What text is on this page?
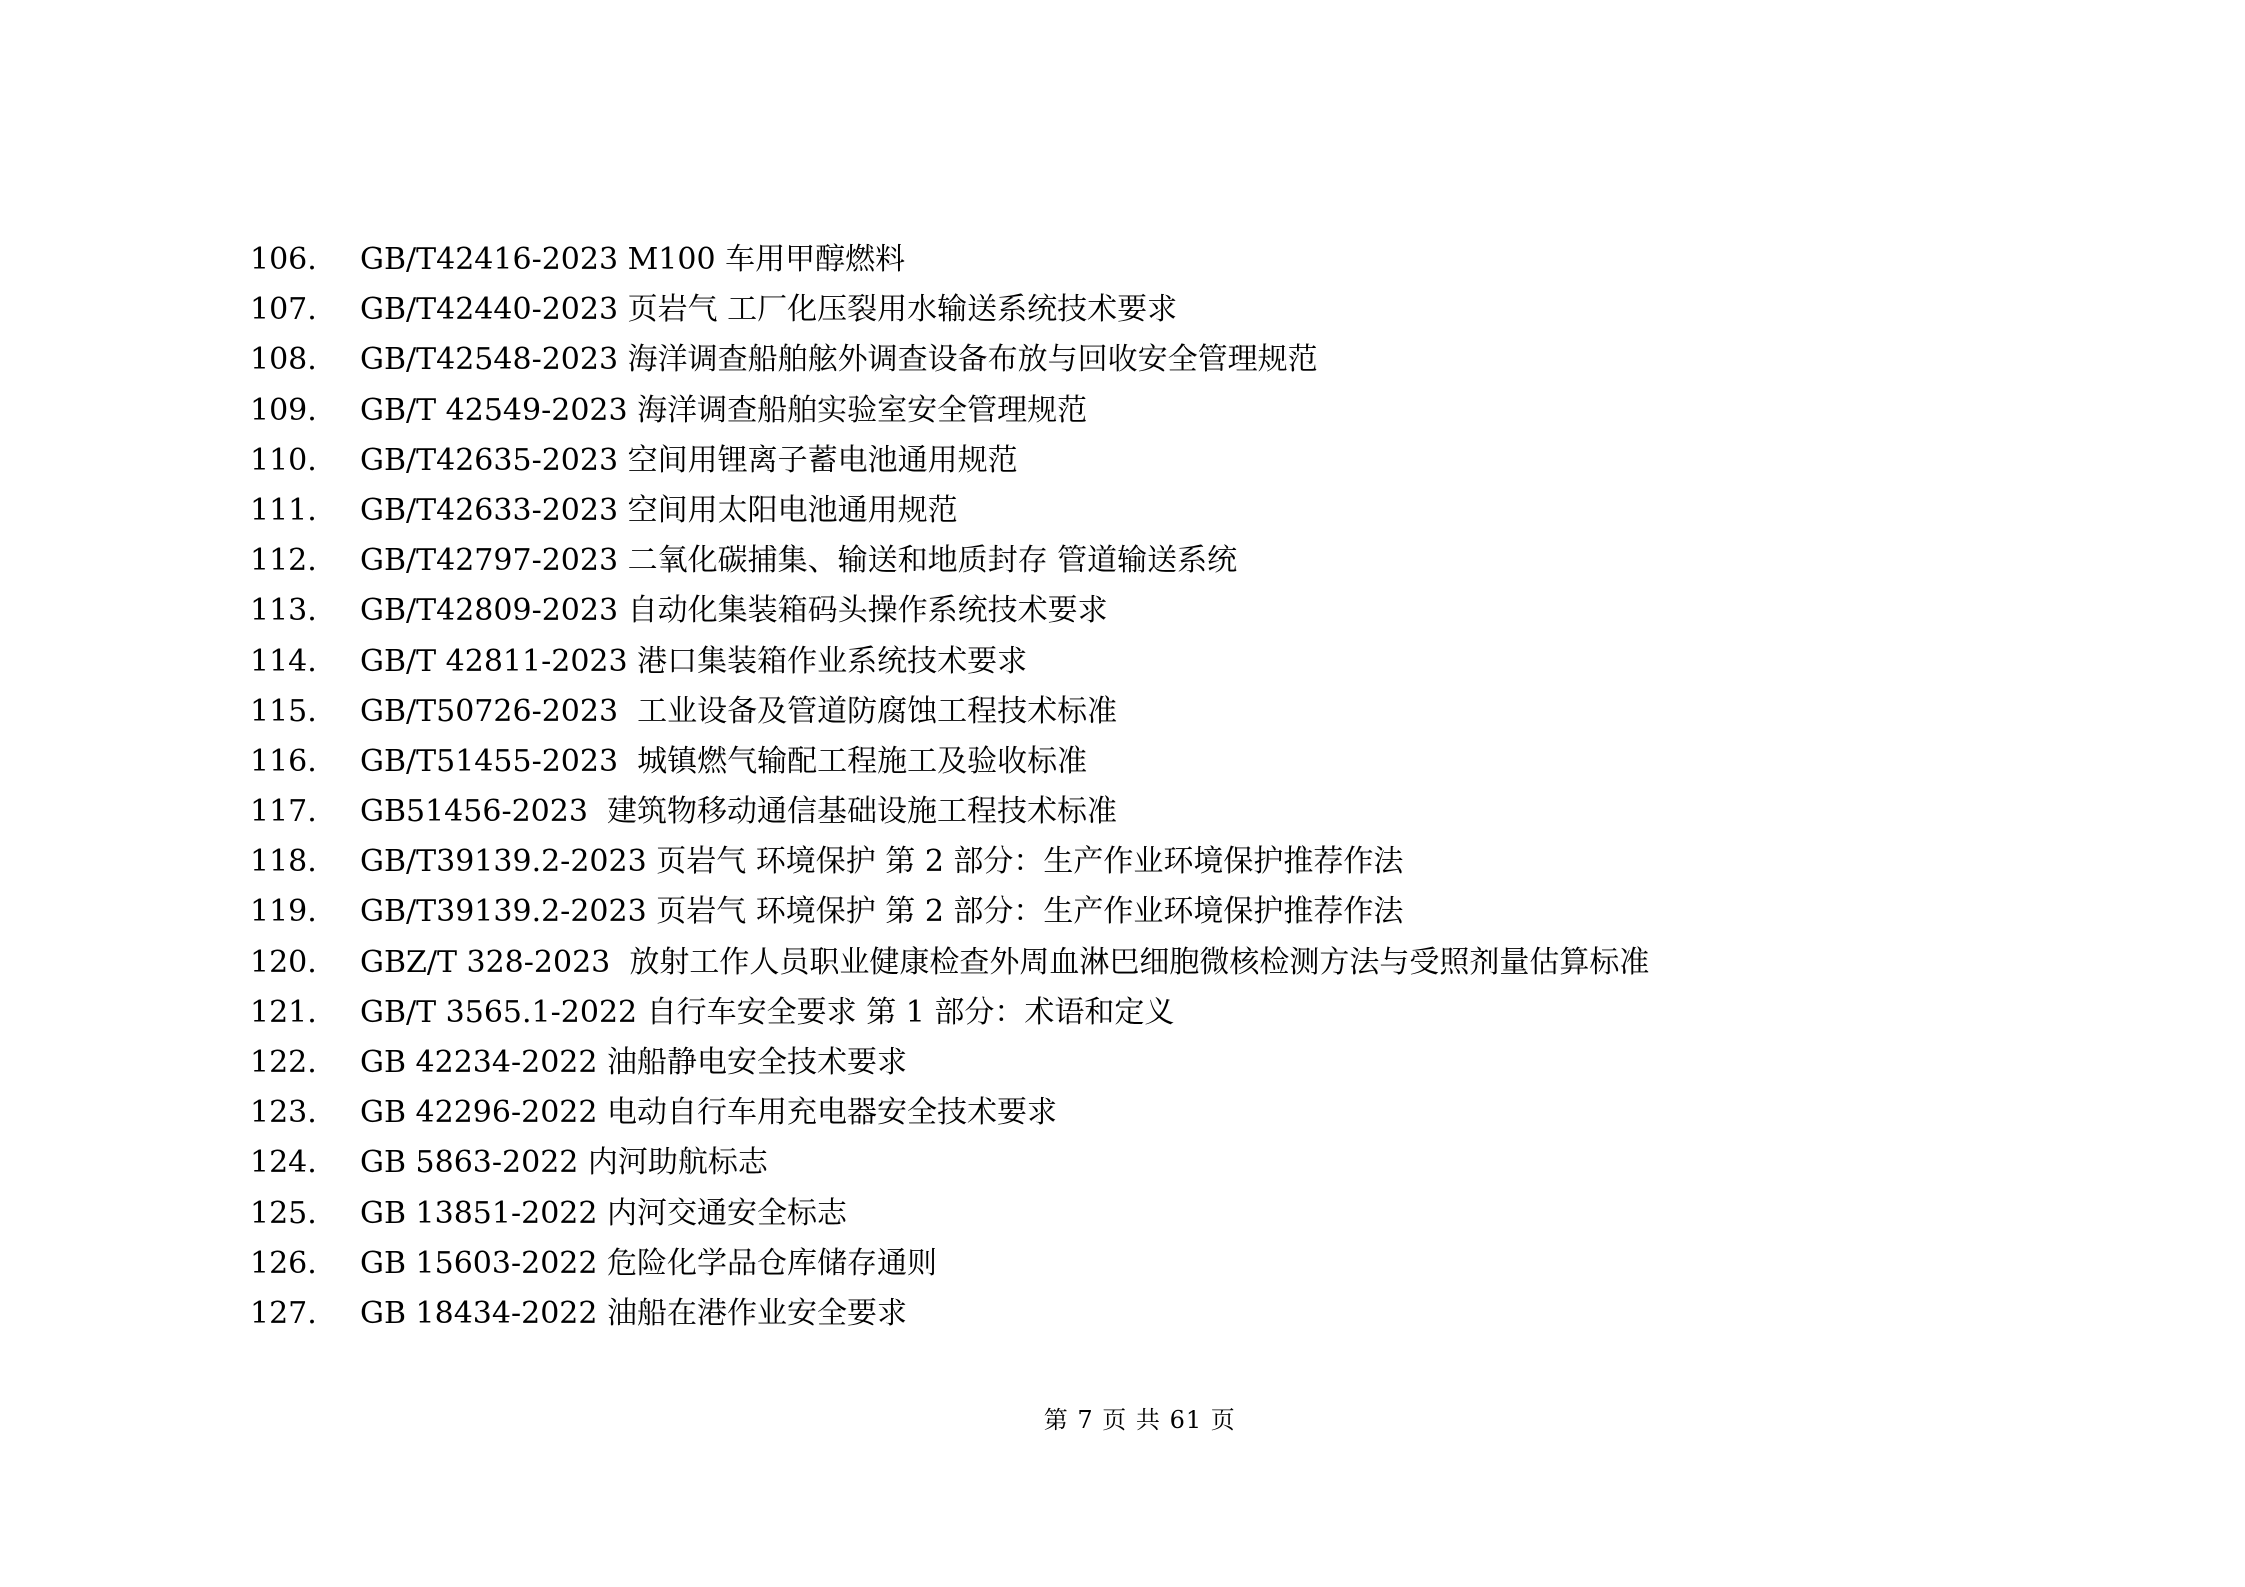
106.	GB/T42416-2023 M100 车用甲醇燃料
107.	GB/T42440-2023 页岩气 工厂化压裂用水输送系统技术要求
108.	GB/T42548-2023 海洋调查船舶舷外调查设备布放与回收安全管理规范
109.	GB/T 42549-2023 海洋调查船舶实验室安全管理规范
110.	GB/T42635-2023 空间用锂离子蓄电池通用规范
111.	GB/T42633-2023 空间用太阳电池通用规范
112.	GB/T42797-2023 二氧化碳捕集、输送和地质封存 管道输送系统
113.	GB/T42809-2023 自动化集装箱码头操作系统技术要求
114.	GB/T 42811-2023 港口集装箱作业系统技术要求
115.	GB/T50726-2023  工业设备及管道防腐蚀工程技术标准
116.	GB/T51455-2023  城镇燃气输配工程施工及验收标准
117.	GB51456-2023  建筑物移动通信基础设施工程技术标准
118.	GB/T39139.2-2023 页岩气 环境保护 第 2 部分：生产作业环境保护推荐作法
119.	GB/T39139.2-2023 页岩气 环境保护 第 2 部分：生产作业环境保护推荐作法
120.	GBZ/T 328-2023  放射工作人员职业健康检查外周血淋巴细胞微核检测方法与受照剂量估算标准
121.	GB/T 3565.1-2022 自行车安全要求 第 1 部分：术语和定义
122.	GB 42234-2022 油船静电安全技术要求
123.	GB 42296-2022 电动自行车用充电器安全技术要求
124.	GB 5863-2022 内河助航标志
125.	GB 13851-2022 内河交通安全标志
126.	GB 15603-2022 危险化学品仓库储存通则
127.	GB 18434-2022 油船在港作业安全要求

第 7 页 共 61 页
